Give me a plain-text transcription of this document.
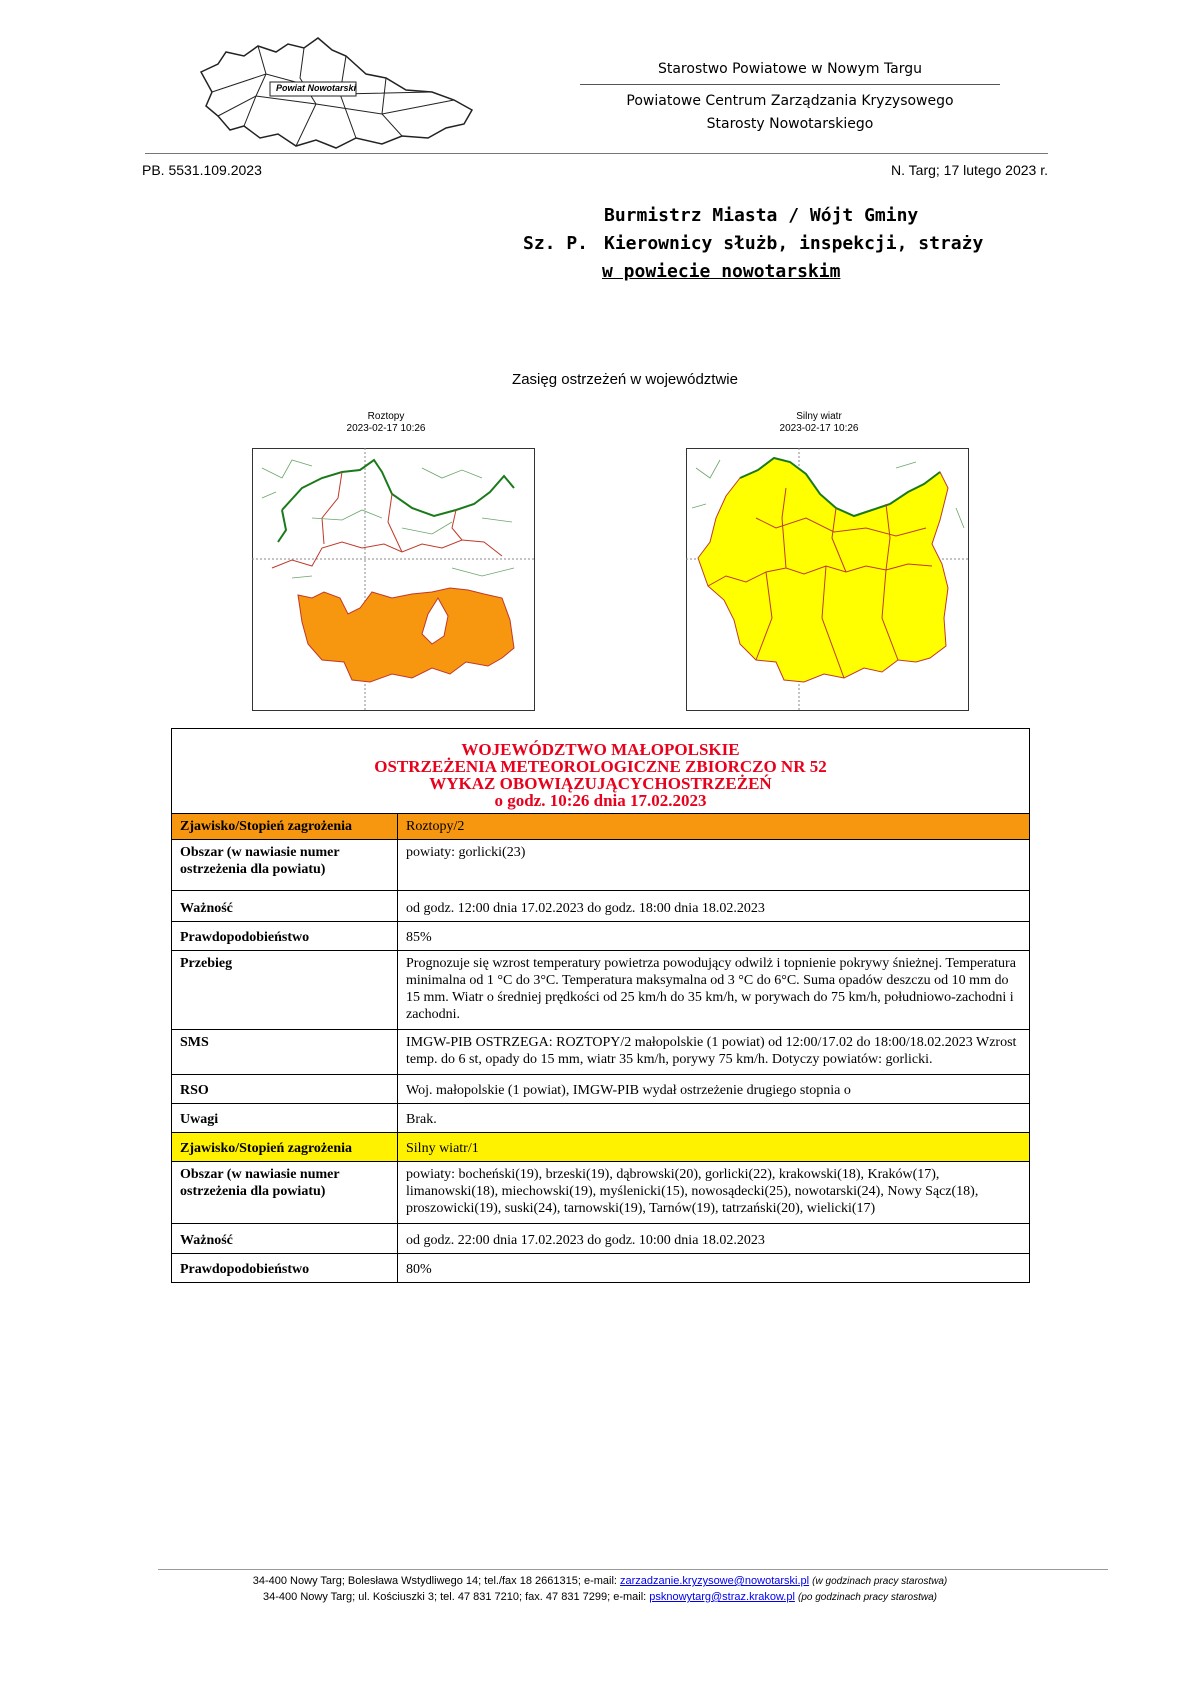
Powiat Nowotarski
Starostwo Powiatowe w Nowym Targu
Powiatowe Centrum Zarządzania Kryzysowego
Starosty Nowotarskiego
PB. 5531.109.2023	N. Targ; 17 lutego 2023 r.
Sz. P.
Burmistrz Miasta / Wójt Gminy
Kierownicy służb, inspekcji, straży
w powiecie nowotarskim
Zasięg ostrzeżeń w województwie
Roztopy
2023-02-17 10:26
Silny wiatr
2023-02-17 10:26
WOJEWÓDZTWO MAŁOPOLSKIE
OSTRZEŻENIA METEOROLOGICZNE ZBIORCZO NR 52
WYKAZ OBOWIĄZUJĄCYCHOSTRZEŻEŃ
o godz. 10:26 dnia 17.02.2023	

Zjawisko/Stopień zagrożenia	Roztopy/2
Obszar (w nawiasie numer ostrzeżenia dla powiatu)	powiaty: gorlicki(23)
Ważność	od godz. 12:00 dnia 17.02.2023 do godz. 18:00 dnia 18.02.2023
Prawdopodobieństwo	85%
Przebieg	Prognozuje się wzrost temperatury powietrza powodujący odwilż i topnienie pokrywy śnieżnej. Temperatura minimalna od 1 °C do 3°C. Temperatura maksymalna od 3 °C do 6°C. Suma opadów deszczu od 10 mm do 15 mm. Wiatr o średniej prędkości od 25 km/h do 35 km/h, w porywach do 75 km/h, południowo-zachodni i zachodni.
SMS	IMGW-PIB OSTRZEGA: ROZTOPY/2 małopolskie (1 powiat) od 12:00/17.02 do 18:00/18.02.2023 Wzrost temp. do 6 st, opady do 15 mm, wiatr 35 km/h, porywy 75 km/h. Dotyczy powiatów: gorlicki.
RSO	Woj. małopolskie (1 powiat), IMGW-PIB wydał ostrzeżenie drugiego stopnia o
Uwagi	Brak.
Zjawisko/Stopień zagrożenia	Silny wiatr/1
Obszar (w nawiasie numer ostrzeżenia dla powiatu)	powiaty: bocheński(19), brzeski(19), dąbrowski(20), gorlicki(22), krakowski(18), Kraków(17), limanowski(18), miechowski(19), myślenicki(15), nowosądecki(25), nowotarski(24), Nowy Sącz(18), proszowicki(19), suski(24), tarnowski(19), Tarnów(19), tatrzański(20), wielicki(17)
Ważność	od godz. 22:00 dnia 17.02.2023 do godz. 10:00 dnia 18.02.2023
Prawdopodobieństwo	80%
34-400 Nowy Targ; Bolesława Wstydliwego 14; tel./fax 18 2661315; e-mail: zarzadzanie.kryzysowe@nowotarski.pl (w godzinach pracy starostwa)
34-400 Nowy Targ; ul. Kościuszki 3; tel. 47 831 7210; fax. 47 831 7299; e-mail: psknowytarg@straz.krakow.pl (po godzinach pracy starostwa)
